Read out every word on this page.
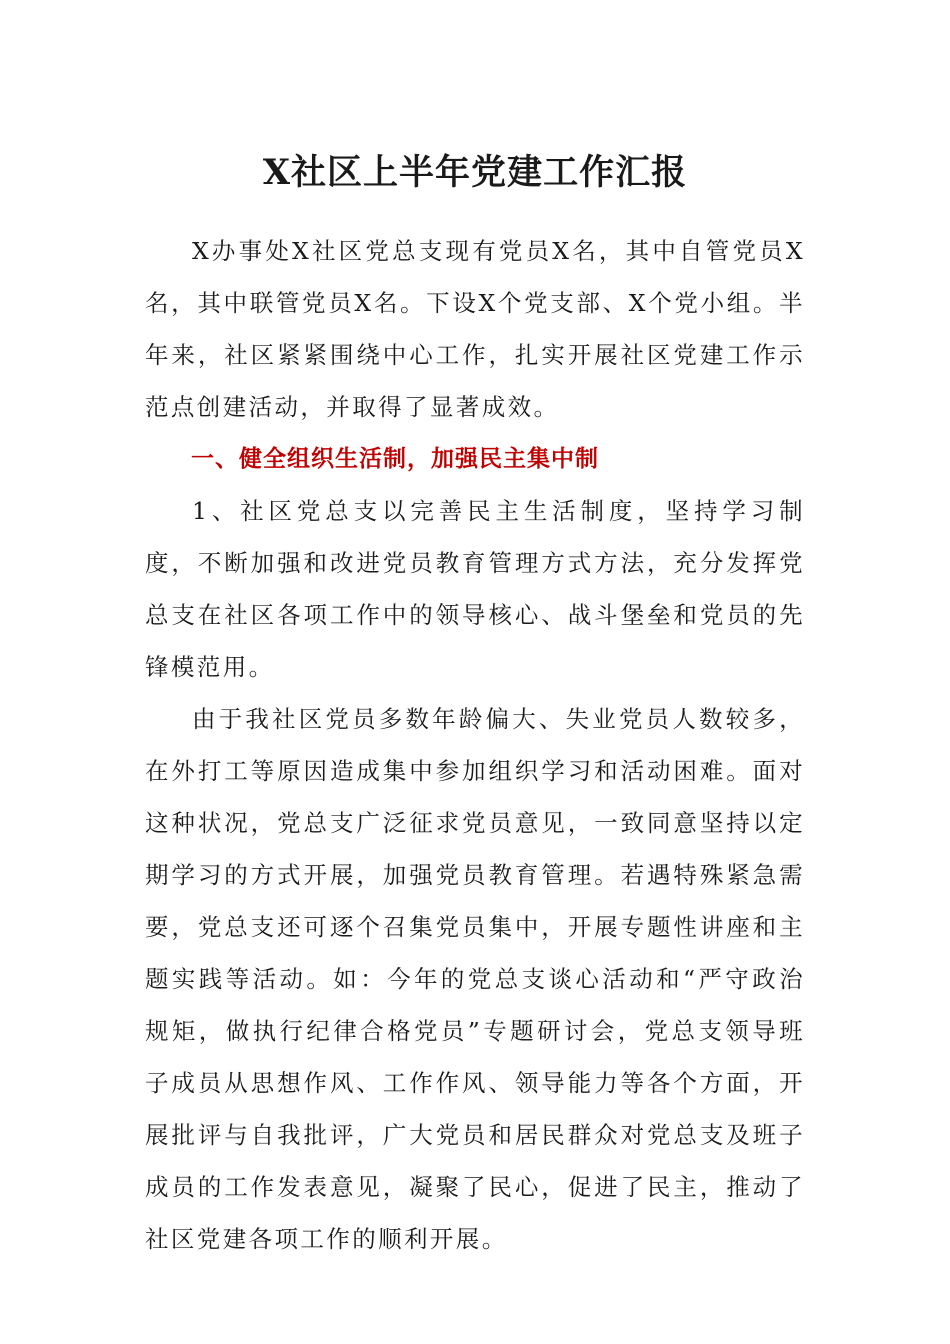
X社区上半年党建工作汇报

X办事处X社区党总支现有党员X名，其中自管党员X名，其中联管党员X名。下设X个党支部、X个党小组。半年来，社区紧紧围绕中心工作，扎实开展社区党建工作示范点创建活动，并取得了显著成效。

一、健全组织生活制，加强民主集中制

1、社区党总支以完善民主生活制度，坚持学习制度，不断加强和改进党员教育管理方式方法，充分发挥党总支在社区各项工作中的领导核心、战斗堡垒和党员的先锋模范用。

由于我社区党员多数年龄偏大、失业党员人数较多，在外打工等原因造成集中参加组织学习和活动困难。面对这种状况，党总支广泛征求党员意见，一致同意坚持以定期学习的方式开展，加强党员教育管理。若遇特殊紧急需要，党总支还可逐个召集党员集中，开展专题性讲座和主题实践等活动。如：今年的党总支谈心活动和“严守政治规矩，做执行纪律合格党员”专题研讨会，党总支领导班子成员从思想作风、工作作风、领导能力等各个方面，开展批评与自我批评，广大党员和居民群众对党总支及班子成员的工作发表意见，凝聚了民心，促进了民主，推动了社区党建各项工作的顺利开展。
